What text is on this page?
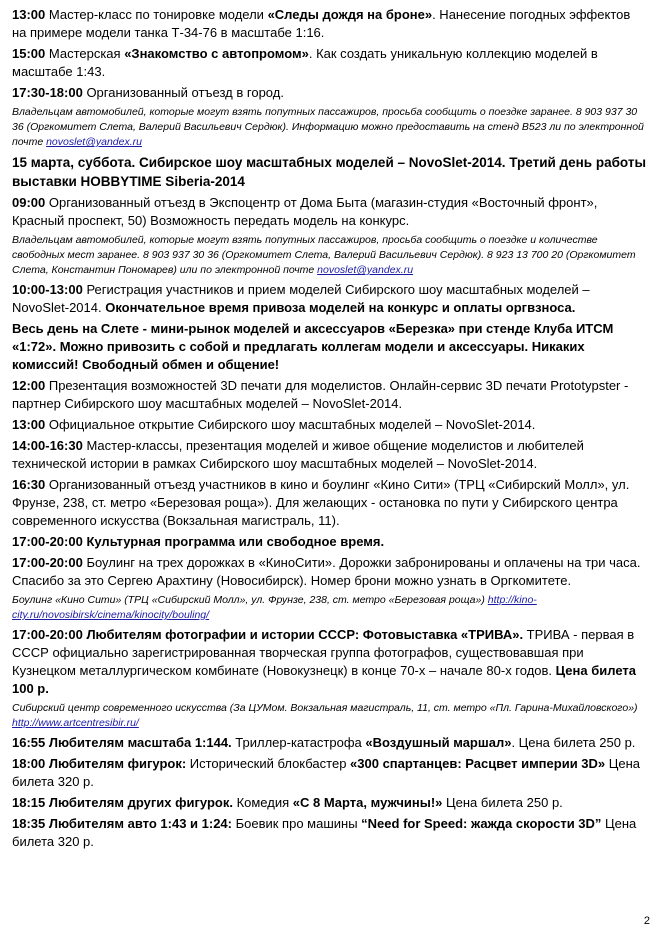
13:00 Мастер-класс по тонировке модели «Следы дождя на броне». Нанесение погодных эффектов на примере модели танка Т-34-76 в масштабе 1:16.

15:00 Мастерская «Знакомство с автопромом». Как создать уникальную коллекцию моделей в масштабе 1:43.

17:30-18:00 Организованный отъезд в город.

Владельцам автомобилей, которые могут взять попутных пассажиров, просьба сообщить о поездке заранее. 8 903 937 30 36 (Оргкомитет Слета, Валерий Васильевич Сердюк). Информацию можно предоставить на стенд В523 ли по электронной почте novoslet@yandex.ru

15 марта, суббота. Сибирское шоу масштабных моделей – NovoSlet-2014. Третий день работы выставки HOBBYTIME Siberia-2014

09:00 Организованный отъезд в Экспоцентр от Дома Быта (магазин-студия «Восточный фронт», Красный проспект, 50) Возможность передать модель на конкурс.

Владельцам автомобилей, которые могут взять попутных пассажиров, просьба сообщить о поездке и количестве свободных мест заранее. 8 903 937 30 36 (Оргкомитет Слета, Валерий Васильевич Сердюк). 8 923 13 700 20 (Оргкомитет Слета, Константин Пономарев) или по электронной почте novoslet@yandex.ru

10:00-13:00 Регистрация участников и прием моделей Сибирского шоу масштабных моделей – NovoSlet-2014. Окончательное время привоза моделей на конкурс и оплаты оргвзноса.

Весь день на Слете - мини-рынок моделей и аксессуаров «Березка» при стенде Клуба ИТСМ «1:72». Можно привозить с собой и предлагать коллегам модели и аксессуары. Никаких комиссий! Свободный обмен и общение!

12:00 Презентация возможностей 3D печати для моделистов. Онлайн-сервис 3D печати Prototypster - партнер Сибирского шоу масштабных моделей – NovoSlet-2014.

13:00 Официальное открытие Сибирского шоу масштабных моделей – NovoSlet-2014.

14:00-16:30 Мастер-классы, презентация моделей и живое общение моделистов и любителей технической истории в рамках Сибирского шоу масштабных моделей – NovoSlet-2014.

16:30 Организованный отъезд участников в кино и боулинг «Кино Сити» (ТРЦ «Сибирский Молл», ул. Фрунзе, 238, ст. метро «Березовая роща»). Для желающих - остановка по пути у Сибирского центра современного искусства (Вокзальная магистраль, 11).

17:00-20:00 Культурная программа или свободное время.

17:00-20:00 Боулинг на трех дорожках в «КиноСити». Дорожки забронированы и оплачены на три часа. Спасибо за это Сергею Арахтину (Новосибирск). Номер брони можно узнать в Оргкомитете.

Боулинг «Кино Сити» (ТРЦ «Сибирский Молл», ул. Фрунзе, 238, ст. метро «Березовая роща») http://kino-city.ru/novosibirsk/cinema/kinocity/bouling/

17:00-20:00 Любителям фотографии и истории СССР: Фотовыставка «ТРИВА». ТРИВА - первая в СССР официально зарегистрированная творческая группа фотографов, существовавшая при Кузнецком металлургическом комбинате (Новокузнецк) в конце 70-х – начале 80-х годов. Цена билета 100 р.

Сибирский центр современного искусства (За ЦУМом. Вокзальная магистраль, 11, ст. метро «Пл. Гарина-Михайловского») http://www.artcentresibir.ru/

16:55 Любителям масштаба 1:144. Триллер-катастрофа «Воздушный маршал». Цена билета 250 р.

18:00 Любителям фигурок: Исторический блокбастер «300 спартанцев: Расцвет империи 3D» Цена билета 320 р.

18:15 Любителям других фигурок. Комедия «С 8 Марта, мужчины!» Цена билета 250 р.

18:35 Любителям авто 1:43 и 1:24: Боевик про машины “Need for Speed: жажда скорости 3D” Цена билета 320 р.

2
